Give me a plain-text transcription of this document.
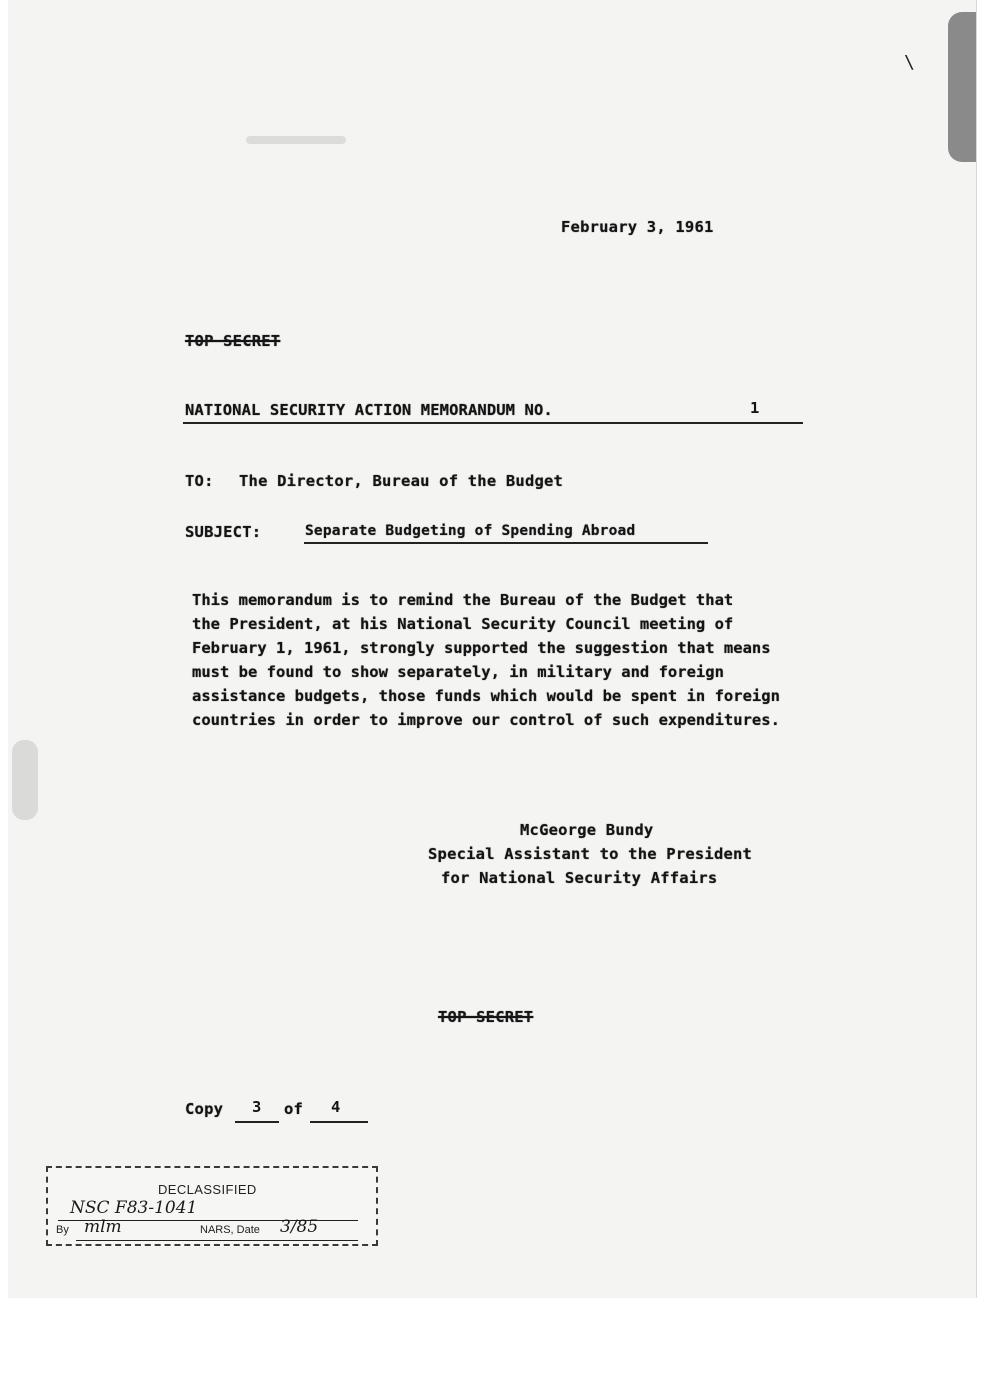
\
February 3, 1961
TOP SECRET
NATIONAL SECURITY ACTION MEMORANDUM NO.	1
TO: The Director, Bureau of the Budget
SUBJECT:	Separate Budgeting of Spending Abroad
This memorandum is to remind the Bureau of the Budget that
the President, at his National Security Council meeting of
February 1, 1961, strongly supported the suggestion that means
must be found to show separately, in military and foreign
assistance budgets, those funds which would be spent in foreign
countries in order to improve our control of such expenditures.
McGeorge Bundy
Special Assistant to the President
for National Security Affairs
TOP SECRET
Copy 3 of 4
DECLASSIFIED
NSC F83-1041
By mlm	NARS, Date 3/85
